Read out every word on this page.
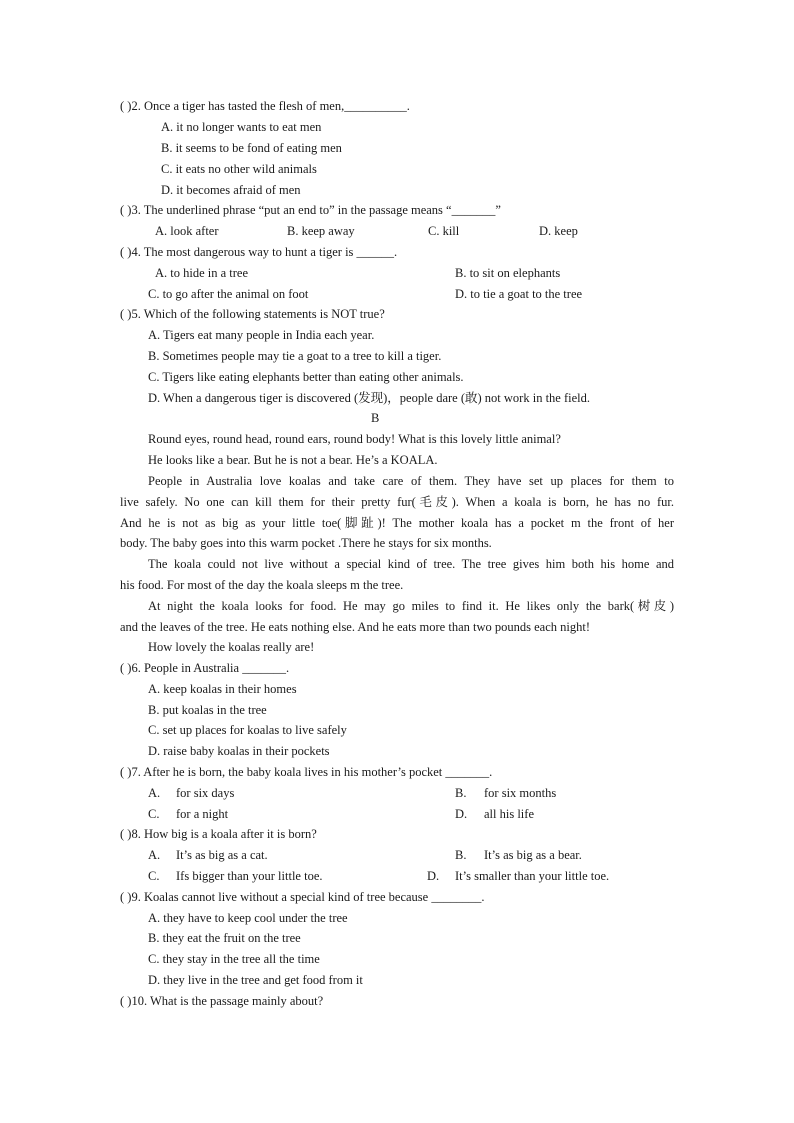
( )2. Once a tiger has tasted the flesh of men,__________.
A. it no longer wants to eat men
B. it seems to be fond of eating men
C. it eats no other wild animals
D. it becomes afraid of men
( )3. The underlined phrase “put an end to” in the passage means “_______”
A. look after	B. keep away	C. kill	D. keep
( )4. The most dangerous way to hunt a tiger is ______.
A. to hide in a tree	B. to sit on elephants
C. to go after the animal on foot	D. to tie a goat to the tree
( )5. Which of the following statements is NOT true?
A. Tigers eat many people in India each year.
B. Sometimes people may tie a goat to a tree to kill a tiger.
C. Tigers like eating elephants better than eating other animals.
D. When a dangerous tiger is discovered (发现)，people dare (敢) not work in the field.
B
Round eyes, round head, round ears, round body! What is this lovely little animal?
He looks like a bear. But he is not a bear. He’s a KOALA.
People in Australia love koalas and take care of them. They have set up places for them to
live safely. No one can kill them for their pretty fur(毛皮). When a koala is born, he has no fur.
And he is not as big as your little toe(脚趾)! The mother koala has a pocket m the front of her
body. The baby goes into this warm pocket .There he stays for six months.
The koala could not live without a special kind of tree. The tree gives him both his home and
his food. For most of the day the koala sleeps m the tree.
At night the koala looks for food. He may go miles to find it. He likes only the bark(树皮)
and the leaves of the tree. He eats nothing else. And he eats more than two pounds each night!
How lovely the koalas really are!
( )6. People in Australia _______.
A. keep koalas in their homes
B. put koalas in the tree
C. set up places for koalas to live safely
D. raise baby koalas in their pockets
( )7. After he is born, the baby koala lives in his mother’s pocket _______.
A. for six days	B. for six months
C. for a night	D. all his life
( )8. How big is a koala after it is born?
A. It’s as big as a cat.	B. It’s as big as a bear.
C. Ifs bigger than your little toe.	D. It’s smaller than your little toe.
( )9. Koalas cannot live without a special kind of tree because ________.
A. they have to keep cool under the tree
B. they eat the fruit on the tree
C. they stay in the tree all the time
D. they live in the tree and get food from it
( )10. What is the passage mainly about?
